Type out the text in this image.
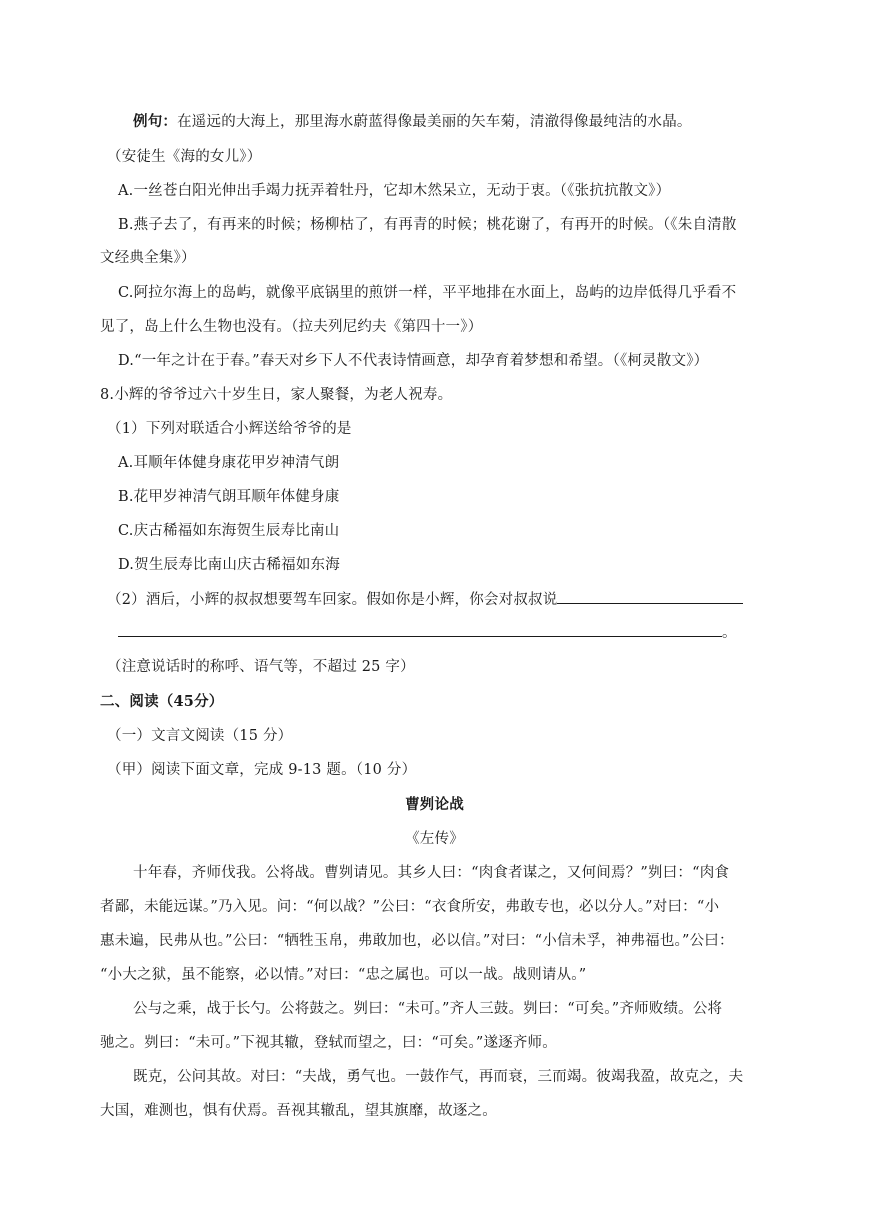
例句：在遥远的大海上，那里海水蔚蓝得像最美丽的矢车菊，清澈得像最纯洁的水晶。
（安徒生《海的女儿》）
A.一丝苍白阳光伸出手竭力抚弄着牡丹，它却木然呆立，无动于衷。（《张抗抗散文》）
B.燕子去了，有再来的时候；杨柳枯了，有再青的时候；桃花谢了，有再开的时候。（《朱自清散
文经典全集》）
C.阿拉尔海上的岛屿，就像平底锅里的煎饼一样，平平地排在水面上，岛屿的边岸低得几乎看不
见了，岛上什么生物也没有。（拉夫列尼约夫《第四十一》）
D.“一年之计在于春。”春天对乡下人不代表诗情画意，却孕育着梦想和希望。（《柯灵散文》）
8.小辉的爷爷过六十岁生日，家人聚餐，为老人祝寿。
（1）下列对联适合小辉送给爷爷的是
A.耳顺年体健身康花甲岁神清气朗
B.花甲岁神清气朗耳顺年体健身康
C.庆古稀福如东海贺生辰寿比南山
D.贺生辰寿比南山庆古稀福如东海
（2）酒后，小辉的叔叔想要驾车回家。假如你是小辉，你会对叔叔说
。
（注意说话时的称呼、语气等，不超过 25 字）
二、阅读（45分）
（一）文言文阅读（15 分）
（甲）阅读下面文章，完成 9-13 题。（10 分）
曹刿论战
《左传》
十年春，齐师伐我。公将战。曹刿请见。其乡人曰：“肉食者谋之，又何间焉？”刿曰：“肉食
者鄙，未能远谋。”乃入见。问：“何以战？”公曰：“衣食所安，弗敢专也，必以分人。”对曰：“小
惠未遍，民弗从也。”公曰：“牺牲玉帛，弗敢加也，必以信。”对曰：“小信未孚，神弗福也。”公曰：
“小大之狱，虽不能察，必以情。”对曰：“忠之属也。可以一战。战则请从。”
公与之乘，战于长勺。公将鼓之。刿曰：“未可。”齐人三鼓。刿曰：“可矣。”齐师败绩。公将
驰之。刿曰：“未可。”下视其辙，登轼而望之，曰：“可矣。”遂逐齐师。
既克，公问其故。对曰：“夫战，勇气也。一鼓作气，再而衰，三而竭。彼竭我盈，故克之，夫
大国，难测也，惧有伏焉。吾视其辙乱，望其旗靡，故逐之。
